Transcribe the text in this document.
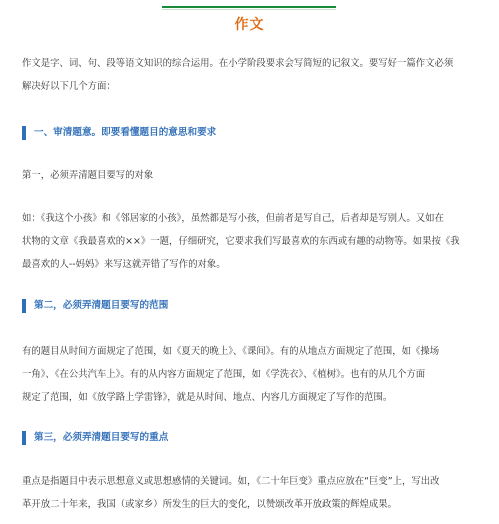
作文
作文是字、词、句、段等语文知识的综合运用。在小学阶段要求会写简短的记叙文。要写好一篇作文必须
解决好以下几个方面：
一、审清题意。即要看懂题目的意思和要求
第一，必须弄清题目要写的对象
如：《我这个小孩》和《邻居家的小孩》，虽然都是写小孩，但前者是写自己，后者却是写别人。又如在
状物的文章《我最喜欢的××》一题，仔细研究，它要求我们写最喜欢的东西或有趣的动物等。如果按《我
最喜欢的人--妈妈》来写这就弄错了写作的对象。
第二，必须弄清题目要写的范围
有的题目从时间方面规定了范围，如《夏天的晚上》、《课间》。有的从地点方面规定了范围，如《操场
一角》、《在公共汽车上》。有的从内容方面规定了范围，如《学洗衣》、《植树》。也有的从几个方面
规定了范围，如《放学路上学雷锋》，就是从时间、地点、内容几方面规定了写作的范围。
第三，必须弄清题目要写的重点
重点是指题目中表示思想意义或思想感情的关键词。如，《二十年巨变》重点应放在“巨变”上，写出改
革开放二十年来，我国（或家乡）所发生的巨大的变化，以赞颂改革开放政策的辉煌成果。
